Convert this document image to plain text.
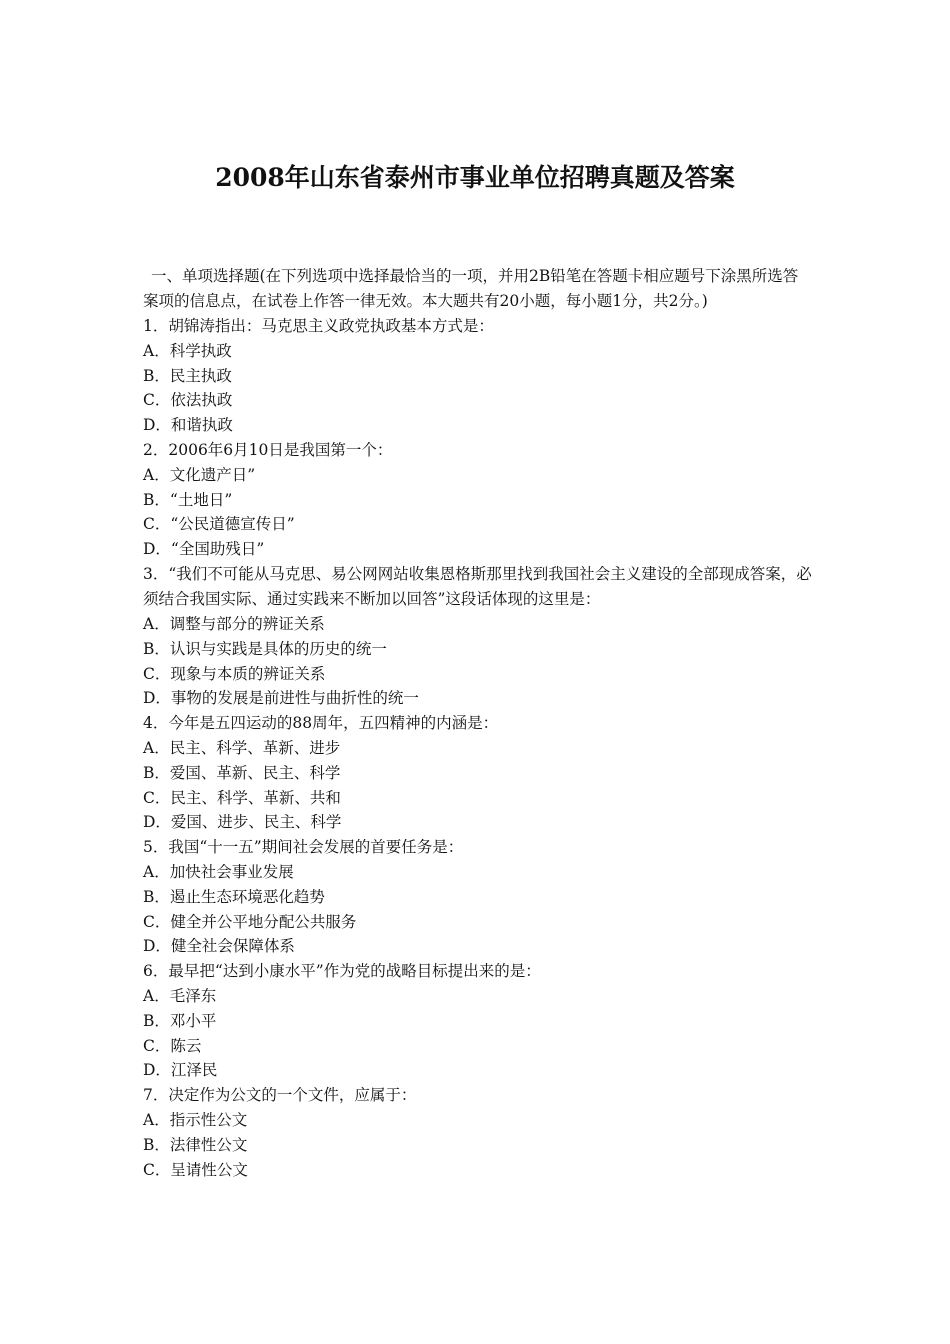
2008年山东省泰州市事业单位招聘真题及答案

一、单项选择题(在下列选项中选择最恰当的一项，并用2B铅笔在答题卡相应题号下涂黑所选答案项的信息点，在试卷上作答一律无效。本大题共有20小题，每小题1分，共2分。)

1．胡锦涛指出：马克思主义政党执政基本方式是：
A．科学执政
B．民主执政
C．依法执政
D．和谐执政
2．2006年6月10日是我国第一个：
A．文化遗产日”
B．“土地日”
C．“公民道德宣传日”
D．“全国助残日”
3．“我们不可能从马克思、易公网网站收集恩格斯那里找到我国社会主义建设的全部现成答案，必须结合我国实际、通过实践来不断加以回答”这段话体现的这里是：
A．调整与部分的辨证关系
B．认识与实践是具体的历史的统一
C．现象与本质的辨证关系
D．事物的发展是前进性与曲折性的统一
4．今年是五四运动的88周年，五四精神的内涵是：
A．民主、科学、革新、进步
B．爱国、革新、民主、科学
C．民主、科学、革新、共和
D．爱国、进步、民主、科学
5．我国“十一五”期间社会发展的首要任务是：
A．加快社会事业发展
B．遏止生态环境恶化趋势
C．健全并公平地分配公共服务
D．健全社会保障体系
6．最早把“达到小康水平”作为党的战略目标提出来的是：
A．毛泽东
B．邓小平
C．陈云
D．江泽民
7．决定作为公文的一个文件，应属于：
A．指示性公文
B．法律性公文
C．呈请性公文
